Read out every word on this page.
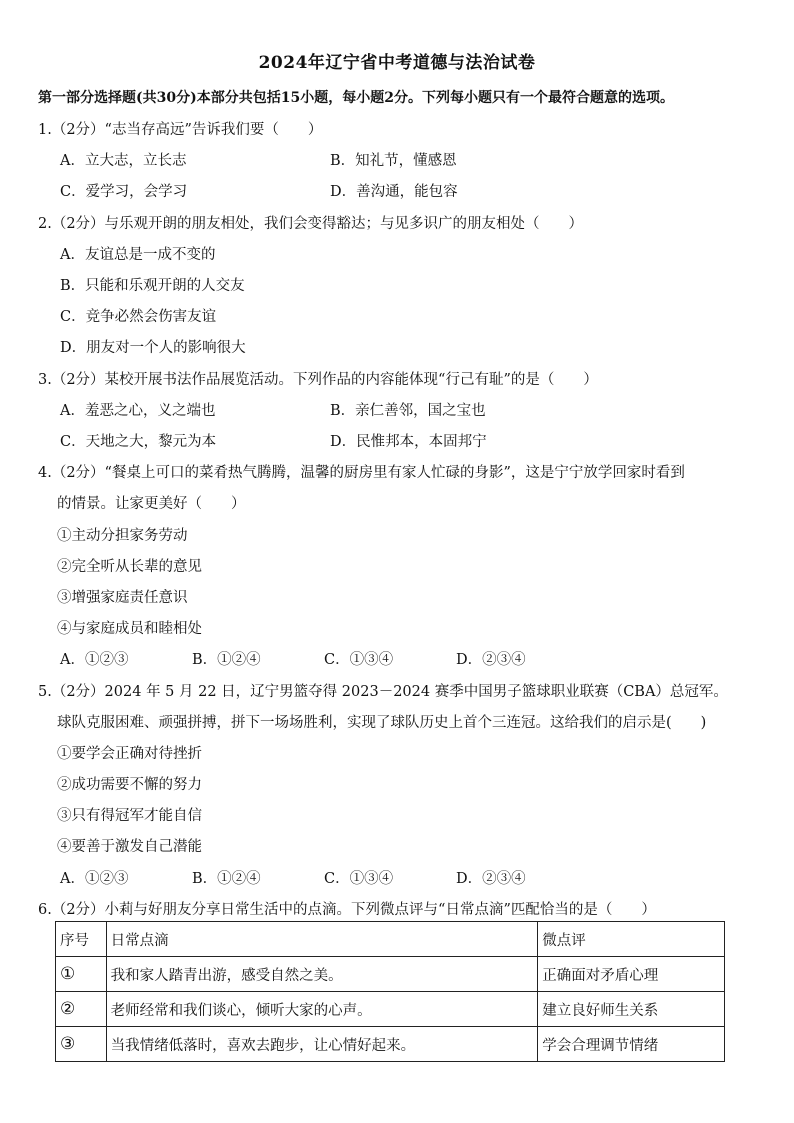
2024年辽宁省中考道德与法治试卷
第一部分选择题(共30分)本部分共包括15小题，每小题2分。下列每小题只有一个最符合题意的选项。
1.（2分）“志当存高远”告诉我们要（　　）
A．立大志，立长志	B．知礼节，懂感恩
C．爱学习，会学习	D．善沟通，能包容
2.（2分）与乐观开朗的朋友相处，我们会变得豁达；与见多识广的朋友相处（　　）
A．友谊总是一成不变的
B．只能和乐观开朗的人交友
C．竞争必然会伤害友谊
D．朋友对一个人的影响很大
3.（2分）某校开展书法作品展览活动。下列作品的内容能体现“行己有耻”的是（　　）
A．羞恶之心，义之端也	B．亲仁善邻，国之宝也
C．天地之大，黎元为本	D．民惟邦本，本固邦宁
4.（2分）“餐桌上可口的菜肴热气腾腾，温馨的厨房里有家人忙碌的身影”，这是宁宁放学回家时看到
的情景。让家更美好（　　）
①主动分担家务劳动
②完全听从长辈的意见
③增强家庭责任意识
④与家庭成员和睦相处
A．①②③	B．①②④	C．①③④	D．②③④
5.（2分）2024 年 5 月 22 日，辽宁男篮夺得 2023－2024 赛季中国男子篮球职业联赛（CBA）总冠军。
球队克服困难、顽强拼搏，拼下一场场胜利，实现了球队历史上首个三连冠。这给我们的启示是(　　)
①要学会正确对待挫折
②成功需要不懈的努力
③只有得冠军才能自信
④要善于激发自己潜能
A．①②③	B．①②④	C．①③④	D．②③④
6.（2分）小莉与好朋友分享日常生活中的点滴。下列微点评与“日常点滴”匹配恰当的是（　　）
序号	日常点滴	微点评
①	我和家人踏青出游，感受自然之美。	正确面对矛盾心理
②	老师经常和我们谈心，倾听大家的心声。	建立良好师生关系
③	当我情绪低落时，喜欢去跑步，让心情好起来。	学会合理调节情绪
